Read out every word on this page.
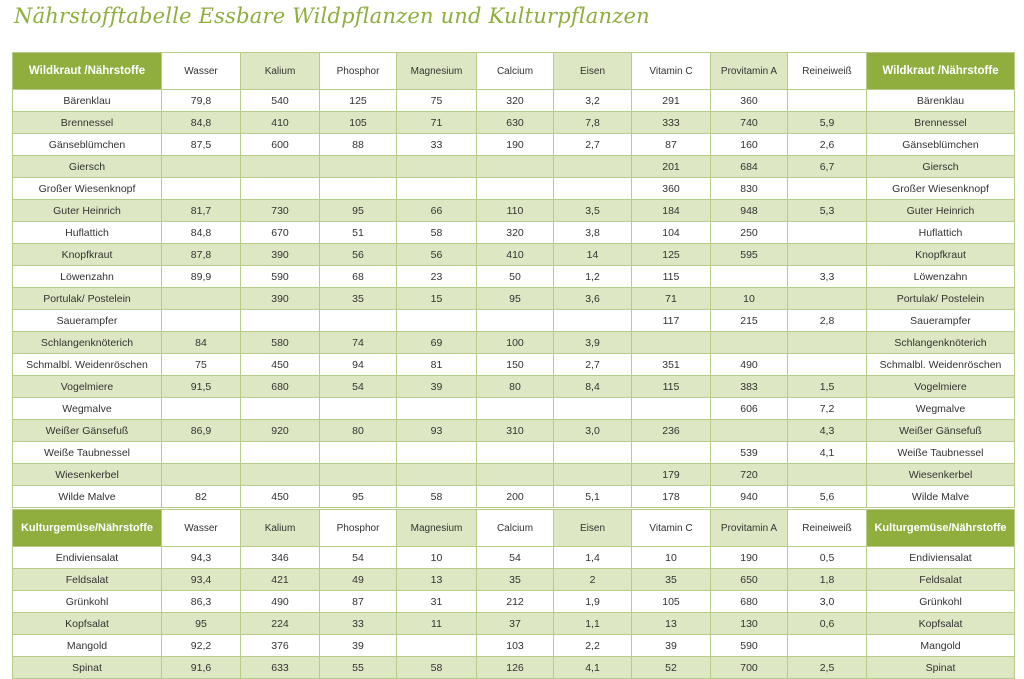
Nährstofftabelle Essbare Wildpflanzen und Kulturpflanzen
Wildkraut /Nährstoffe	Wasser	Kalium	Phosphor	Magnesium	Calcium	Eisen	Vitamin C	Provitamin A	Reineiweiß	Wildkraut /Nährstoffe
Bärenklau	79,8	540	125	75	320	3,2	291	360		Bärenklau
Brennessel	84,8	410	105	71	630	7,8	333	740	5,9	Brennessel
Gänseblümchen	87,5	600	88	33	190	2,7	87	160	2,6	Gänseblümchen
Giersch							201	684	6,7	Giersch
Großer Wiesenknopf							360	830		Großer Wiesenknopf
Guter Heinrich	81,7	730	95	66	110	3,5	184	948	5,3	Guter Heinrich
Huflattich	84,8	670	51	58	320	3,8	104	250		Huflattich
Knopfkraut	87,8	390	56	56	410	14	125	595		Knopfkraut
Löwenzahn	89,9	590	68	23	50	1,2	115		3,3	Löwenzahn
Portulak/ Postelein		390	35	15	95	3,6	71	10		Portulak/ Postelein
Sauerampfer							117	215	2,8	Sauerampfer
Schlangenknöterich	84	580	74	69	100	3,9				Schlangenknöterich
Schmalbl. Weidenröschen	75	450	94	81	150	2,7	351	490		Schmalbl. Weidenröschen
Vogelmiere	91,5	680	54	39	80	8,4	115	383	1,5	Vogelmiere
Wegmalve								606	7,2	Wegmalve
Weißer Gänsefuß	86,9	920	80	93	310	3,0	236		4,3	Weißer Gänsefuß
Weiße Taubnessel								539	4,1	Weiße Taubnessel
Wiesenkerbel							179	720		Wiesenkerbel
Wilde Malve	82	450	95	58	200	5,1	178	940	5,6	Wilde Malve
Kulturgemüse/Nährstoffe	Wasser	Kalium	Phosphor	Magnesium	Calcium	Eisen	Vitamin C	Provitamin A	Reineiweiß	Kulturgemüse/Nährstoffe
Endiviensalat	94,3	346	54	10	54	1,4	10	190	0,5	Endiviensalat
Feldsalat	93,4	421	49	13	35	2	35	650	1,8	Feldsalat
Grünkohl	86,3	490	87	31	212	1,9	105	680	3,0	Grünkohl
Kopfsalat	95	224	33	11	37	1,1	13	130	0,6	Kopfsalat
Mangold	92,2	376	39		103	2,2	39	590		Mangold
Spinat	91,6	633	55	58	126	4,1	52	700	2,5	Spinat
